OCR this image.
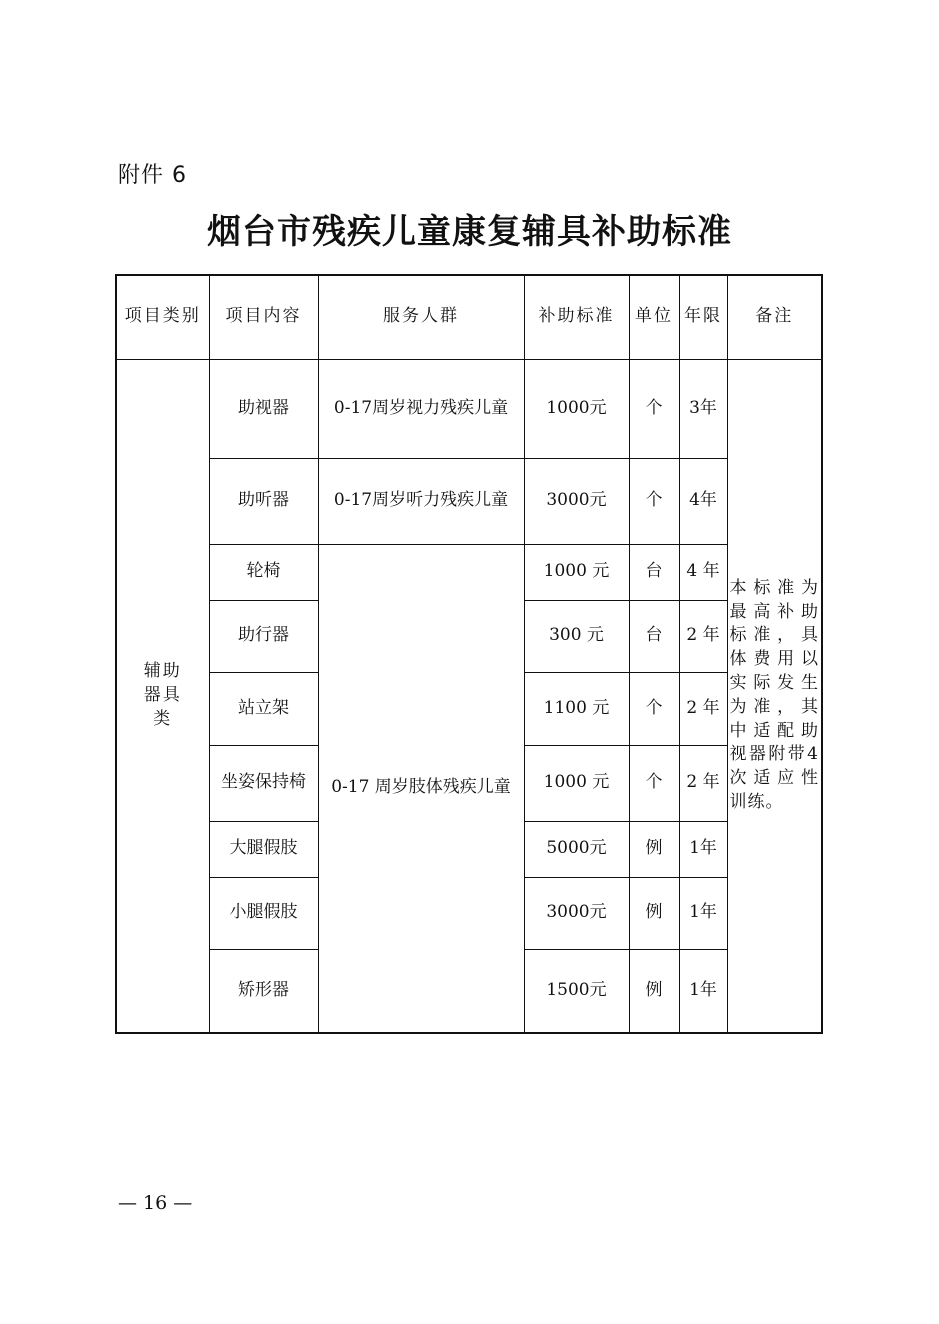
附件 6
烟台市残疾儿童康复辅具补助标准
项目类别	项目内容	服务人群	补助标准	单位	年限	备注
辅助器具类	助视器	0-17周岁视力残疾儿童	1000元	个	3年	本标准为最高补助标准，具体费用以实际发生为准，其中适配助视器附带4次适应性训练。
	助听器	0-17周岁听力残疾儿童	3000元	个	4年	
	轮椅	0-17 周岁肢体残疾儿童	1000 元	台	4 年	
	助行器		300 元	台	2 年	
	站立架		1100 元	个	2 年	
	坐姿保持椅		1000 元	个	2 年	
	大腿假肢		5000元	例	1年	
	小腿假肢		3000元	例	1年	
	矫形器		1500元	例	1年	
— 16 —
